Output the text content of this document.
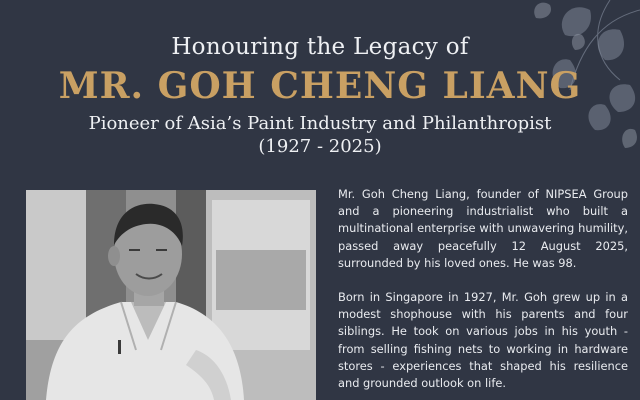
Honouring the Legacy of
MR. GOH CHENG LIANG
Pioneer of Asia’s Paint Industry and Philanthropist
(1927 - 2025)

Mr. Goh Cheng Liang, founder of NIPSEA Group and a pioneering industrialist who built a multinational enterprise with unwavering humility, passed away peacefully 12 August 2025, surrounded by his loved ones. He was 98.

Born in Singapore in 1927, Mr. Goh grew up in a modest shophouse with his parents and four siblings. He took on various jobs in his youth - from selling fishing nets to working in hardware stores - experiences that shaped his resilience and grounded outlook on life.
